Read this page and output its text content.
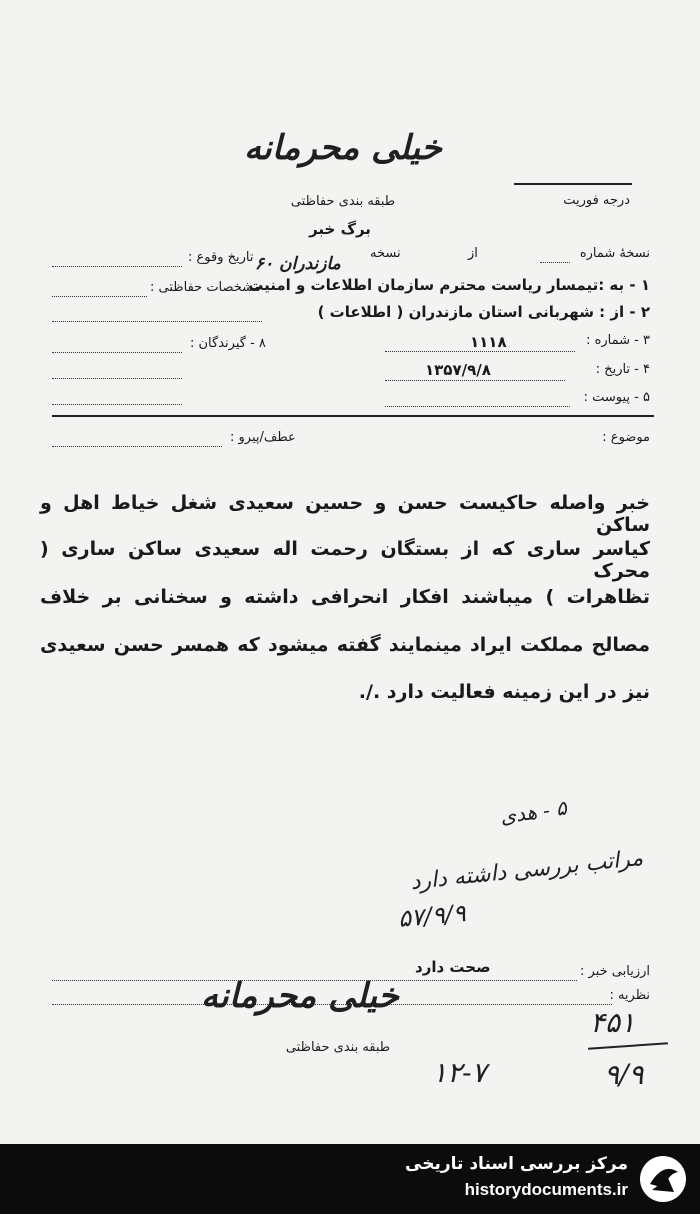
خیلی محرمانه
طبقه بندی حفاظتی	درجه فوریت
برگ خبر
نسخهٔ شماره
از
نسخه
مازندران ۶۰
تاریخ وقوع :
۱ - به :تیمسار ریاست محترم سازمان اطلاعات و امنیت
مشخصات حفاظتی :
۲ - از : شهربانی استان مازندران ( اطلاعات )
۳ - شماره :
۱۱۱۸
۸ - گیرندگان :
۴ - تاریخ :
۱۳۵۷/۹/۸
۵ - پیوست :
موضوع :
عطف/پیرو :
خبر واصله حاکیست حسن و حسین سعیدی شغل خیاط اهل و ساکن
کیاسر ساری که از بستگان رحمت اله سعیدی ساکن ساری ( محرک
تظاهرات ) میباشند افکار انحرافی داشته و سخنانی بر خلاف
مصالح مملکت ایراد مینمایند گفته میشود که همسر حسن سعیدی
نیز در این زمینه فعالیت دارد ./.
۵ - هدی
مراتب بررسی داشته دارد
۵۷/۹/۹
ارزیابی خبر :
صحت دارد
نظریه :
خیلی محرمانه
طبقه بندی حفاظتی
۴۵۱
۹/۹
۱۲-۷
مرکز بررسی اسناد تاریخی
historydocuments.ir
